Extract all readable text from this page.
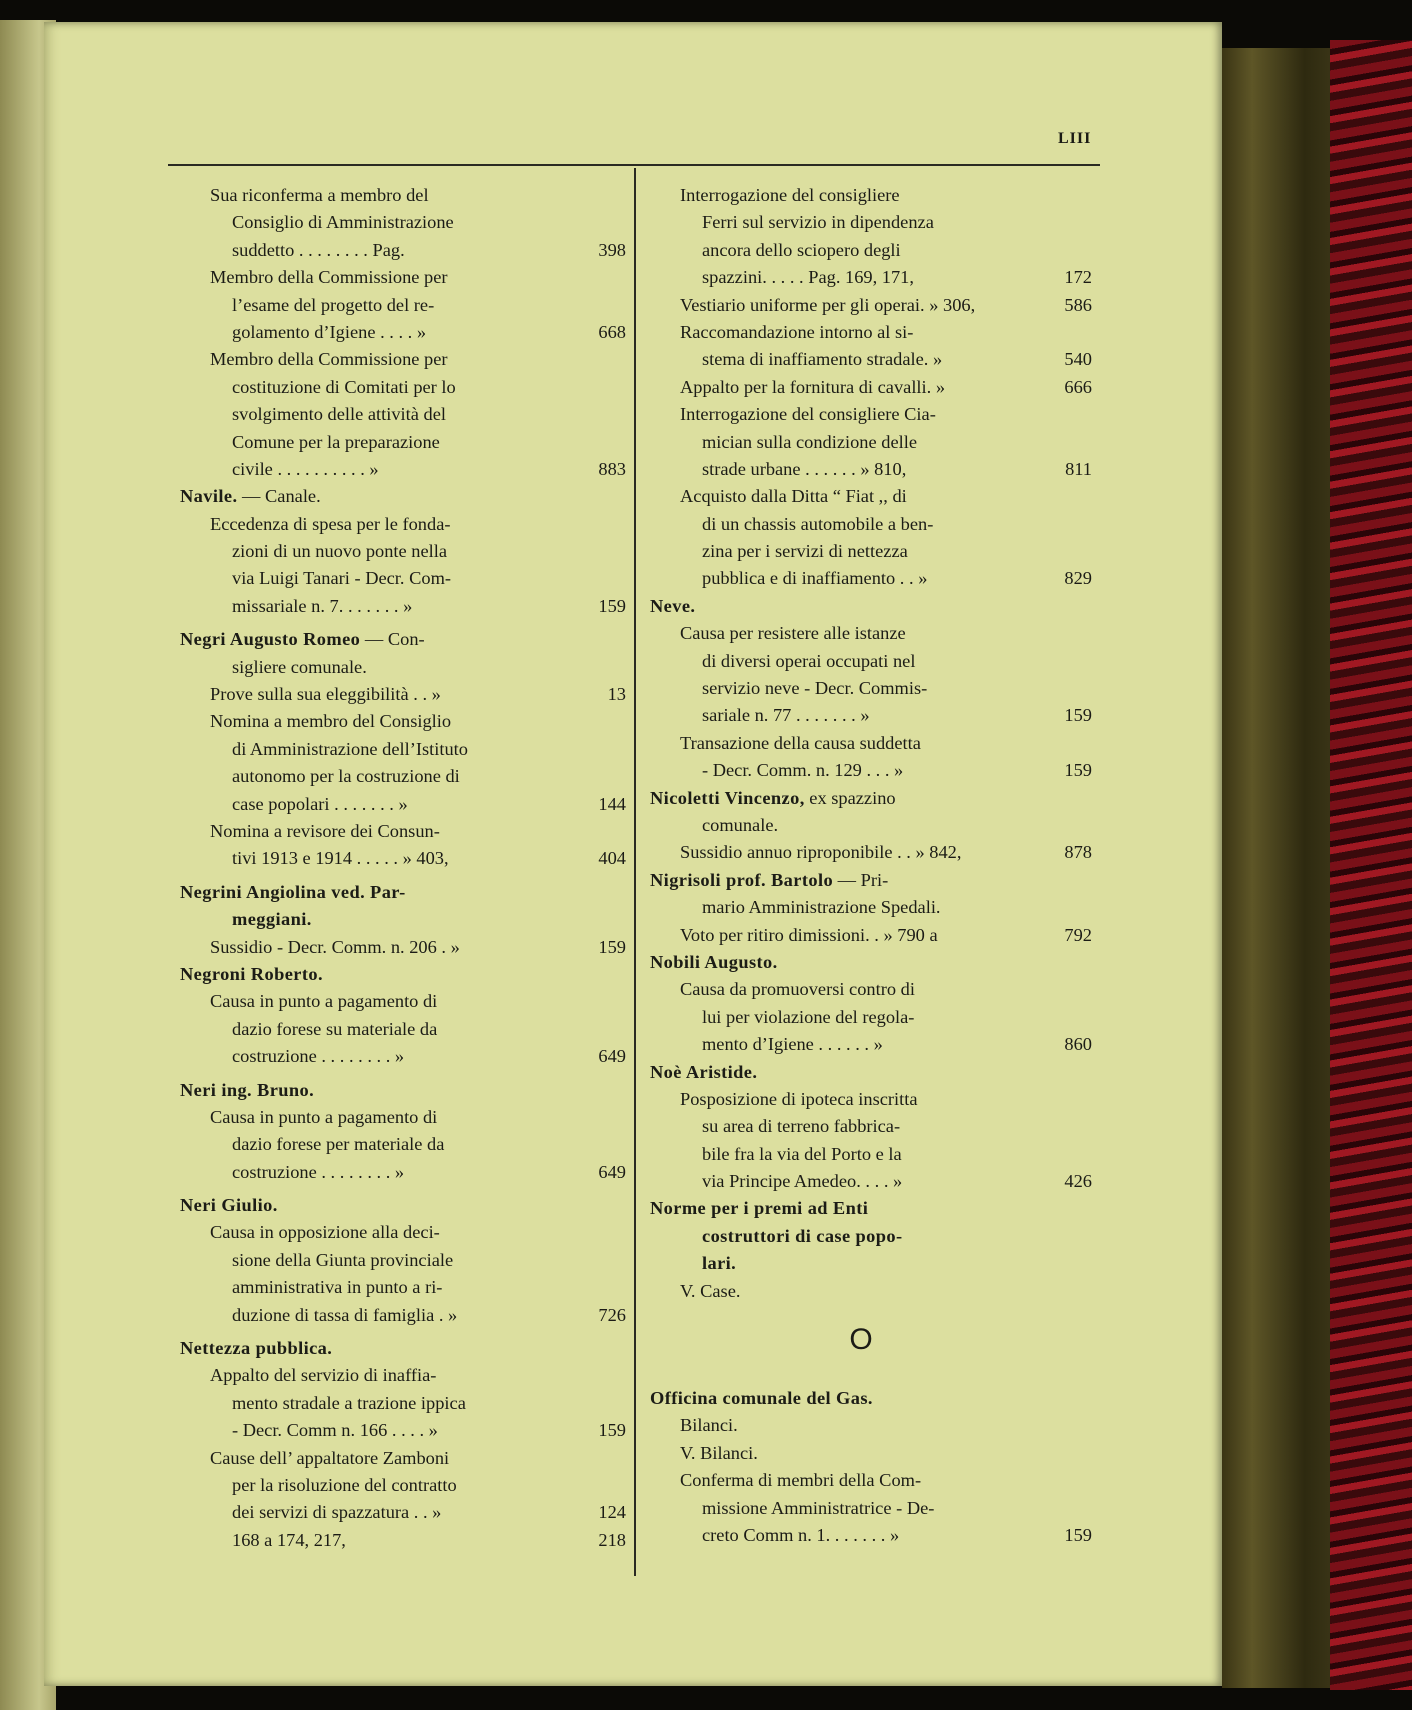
LIII
Sua riconferma a membro del
Consiglio di Amministrazione
suddetto . . . . . . . . Pag.	398
Membro della Commissione per
l’esame del progetto del re-
golamento d’Igiene . . . . »	668
Membro della Commissione per
costituzione di Comitati per lo
svolgimento delle attività del
Comune per la preparazione
civile . . . . . . . . . . »	883
Navile. — Canale.
Eccedenza di spesa per le fonda-
zioni di un nuovo ponte nella
via Luigi Tanari - Decr. Com-
missariale n. 7. . . . . . . »	159
Negri Augusto Romeo — Con-
sigliere comunale.
Prove sulla sua eleggibilità . . »	13
Nomina a membro del Consiglio
di Amministrazione dell’Istituto
autonomo per la costruzione di
case popolari . . . . . . . »	144
Nomina a revisore dei Consun-
tivi 1913 e 1914 . . . . . » 403,	404
Negrini Angiolina ved. Par-
meggiani.
Sussidio - Decr. Comm. n. 206 . »	159
Negroni Roberto.
Causa in punto a pagamento di
dazio forese su materiale da
costruzione . . . . . . . . »	649
Neri ing. Bruno.
Causa in punto a pagamento di
dazio forese per materiale da
costruzione . . . . . . . . »	649
Neri Giulio.
Causa in opposizione alla deci-
sione della Giunta provinciale
amministrativa in punto a ri-
duzione di tassa di famiglia . »	726
Nettezza pubblica.
Appalto del servizio di inaffia-
mento stradale a trazione ippica
- Decr. Comm n. 166 . . . . »	159
Cause dell’ appaltatore Zamboni
per la risoluzione del contratto
dei servizi di spazzatura . . »	124
168 a 174, 217,	218
Interrogazione del consigliere
Ferri sul servizio in dipendenza
ancora dello sciopero degli
spazzini. . . . . Pag. 169, 171,	172
Vestiario uniforme per gli operai. » 306,	586
Raccomandazione intorno al si-
stema di inaffiamento stradale. »	540
Appalto per la fornitura di cavalli. »	666
Interrogazione del consigliere Cia-
mician sulla condizione delle
strade urbane . . . . . . » 810,	811
Acquisto dalla Ditta “ Fiat ,, di
di un chassis automobile a ben-
zina per i servizi di nettezza
pubblica e di inaffiamento . . »	829
Neve.
Causa per resistere alle istanze
di diversi operai occupati nel
servizio neve - Decr. Commis-
sariale n. 77 . . . . . . . »	159
Transazione della causa suddetta
- Decr. Comm. n. 129 . . . »	159
Nicoletti Vincenzo, ex spazzino
comunale.
Sussidio annuo riproponibile . . » 842,	878
Nigrisoli prof. Bartolo — Pri-
mario Amministrazione Spedali.
Voto per ritiro dimissioni. . » 790 a	792
Nobili Augusto.
Causa da promuoversi contro di
lui per violazione del regola-
mento d’Igiene . . . . . . »	860
Noè Aristide.
Posposizione di ipoteca inscritta
su area di terreno fabbrica-
bile fra la via del Porto e la
via Principe Amedeo. . . . »	426
Norme per i premi ad Enti
costruttori di case popo-
lari.
V. Case.
O
Officina comunale del Gas.
Bilanci.
V. Bilanci.
Conferma di membri della Com-
missione Amministratrice - De-
creto Comm n. 1. . . . . . . »	159
